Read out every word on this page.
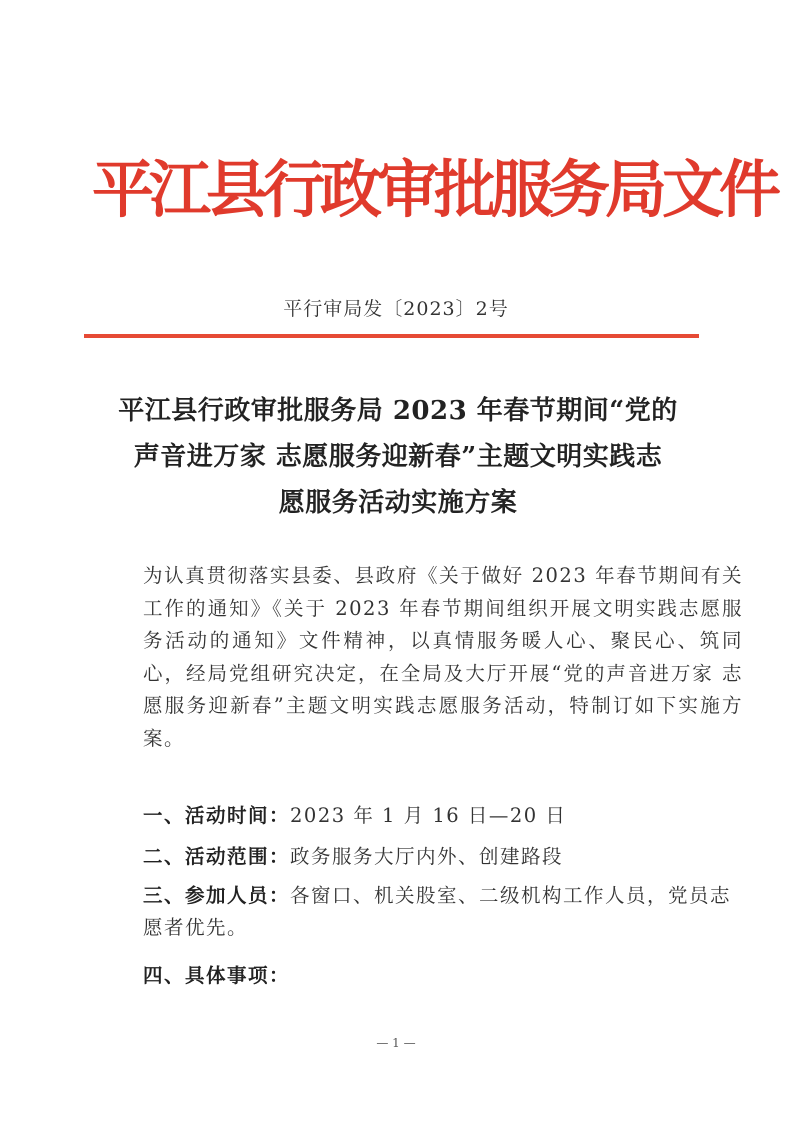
平江县行政审批服务局文件
平行审局发〔2023〕2号
平江县行政审批服务局 2023 年春节期间“党的
声音进万家 志愿服务迎新春”主题文明实践志
愿服务活动实施方案
为认真贯彻落实县委、县政府《关于做好 2023 年春节期间有关工作的通知》《关于 2023 年春节期间组织开展文明实践志愿服务活动的通知》文件精神，以真情服务暖人心、聚民心、筑同心，经局党组研究决定，在全局及大厅开展“党的声音进万家 志愿服务迎新春”主题文明实践志愿服务活动，特制订如下实施方案。
一、活动时间：2023 年 1 月 16 日—20 日
二、活动范围：政务服务大厅内外、创建路段
三、参加人员：各窗口、机关股室、二级机构工作人员，党员志愿者优先。
四、具体事项：
— 1 —
